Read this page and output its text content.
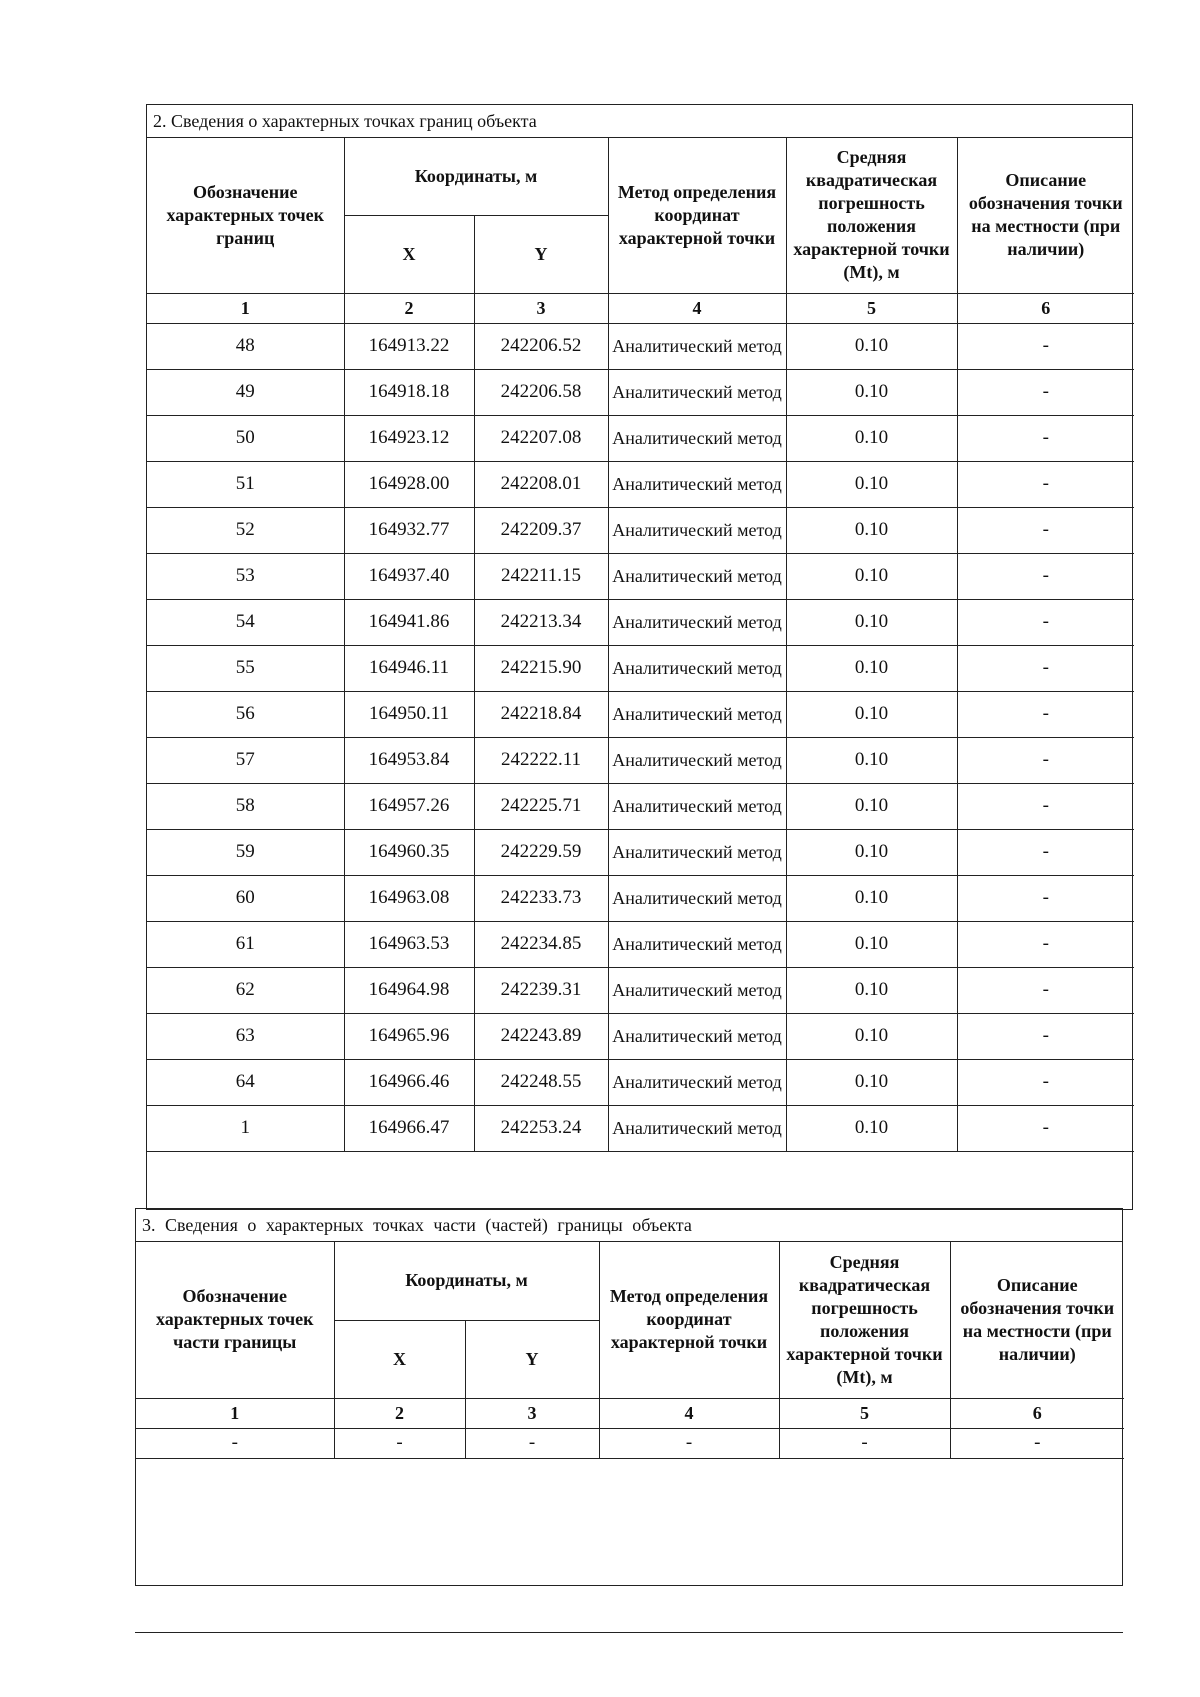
2. Сведения о характерных точках границ объекта
Обозначение характерных точек границ	Координаты, м		Метод определения координат характерной точки	Средняя квадратическая погрешность положения характерной точки (Mt), м	Описание обозначения точки на местности (при наличии)
	X	Y			
1	2	3	4	5	6
48	164913.22	242206.52	Аналитический метод	0.10	-
49	164918.18	242206.58	Аналитический метод	0.10	-
50	164923.12	242207.08	Аналитический метод	0.10	-
51	164928.00	242208.01	Аналитический метод	0.10	-
52	164932.77	242209.37	Аналитический метод	0.10	-
53	164937.40	242211.15	Аналитический метод	0.10	-
54	164941.86	242213.34	Аналитический метод	0.10	-
55	164946.11	242215.90	Аналитический метод	0.10	-
56	164950.11	242218.84	Аналитический метод	0.10	-
57	164953.84	242222.11	Аналитический метод	0.10	-
58	164957.26	242225.71	Аналитический метод	0.10	-
59	164960.35	242229.59	Аналитический метод	0.10	-
60	164963.08	242233.73	Аналитический метод	0.10	-
61	164963.53	242234.85	Аналитический метод	0.10	-
62	164964.98	242239.31	Аналитический метод	0.10	-
63	164965.96	242243.89	Аналитический метод	0.10	-
64	164966.46	242248.55	Аналитический метод	0.10	-
1	164966.47	242253.24	Аналитический метод	0.10	-
3. Сведения о характерных точках части (частей) границы объекта
Обозначение характерных точек части границы	Координаты, м		Метод определения координат характерной точки	Средняя квадратическая погрешность положения характерной точки (Mt), м	Описание обозначения точки на местности (при наличии)
	X	Y			
1	2	3	4	5	6
-	-	-	-	-	-
